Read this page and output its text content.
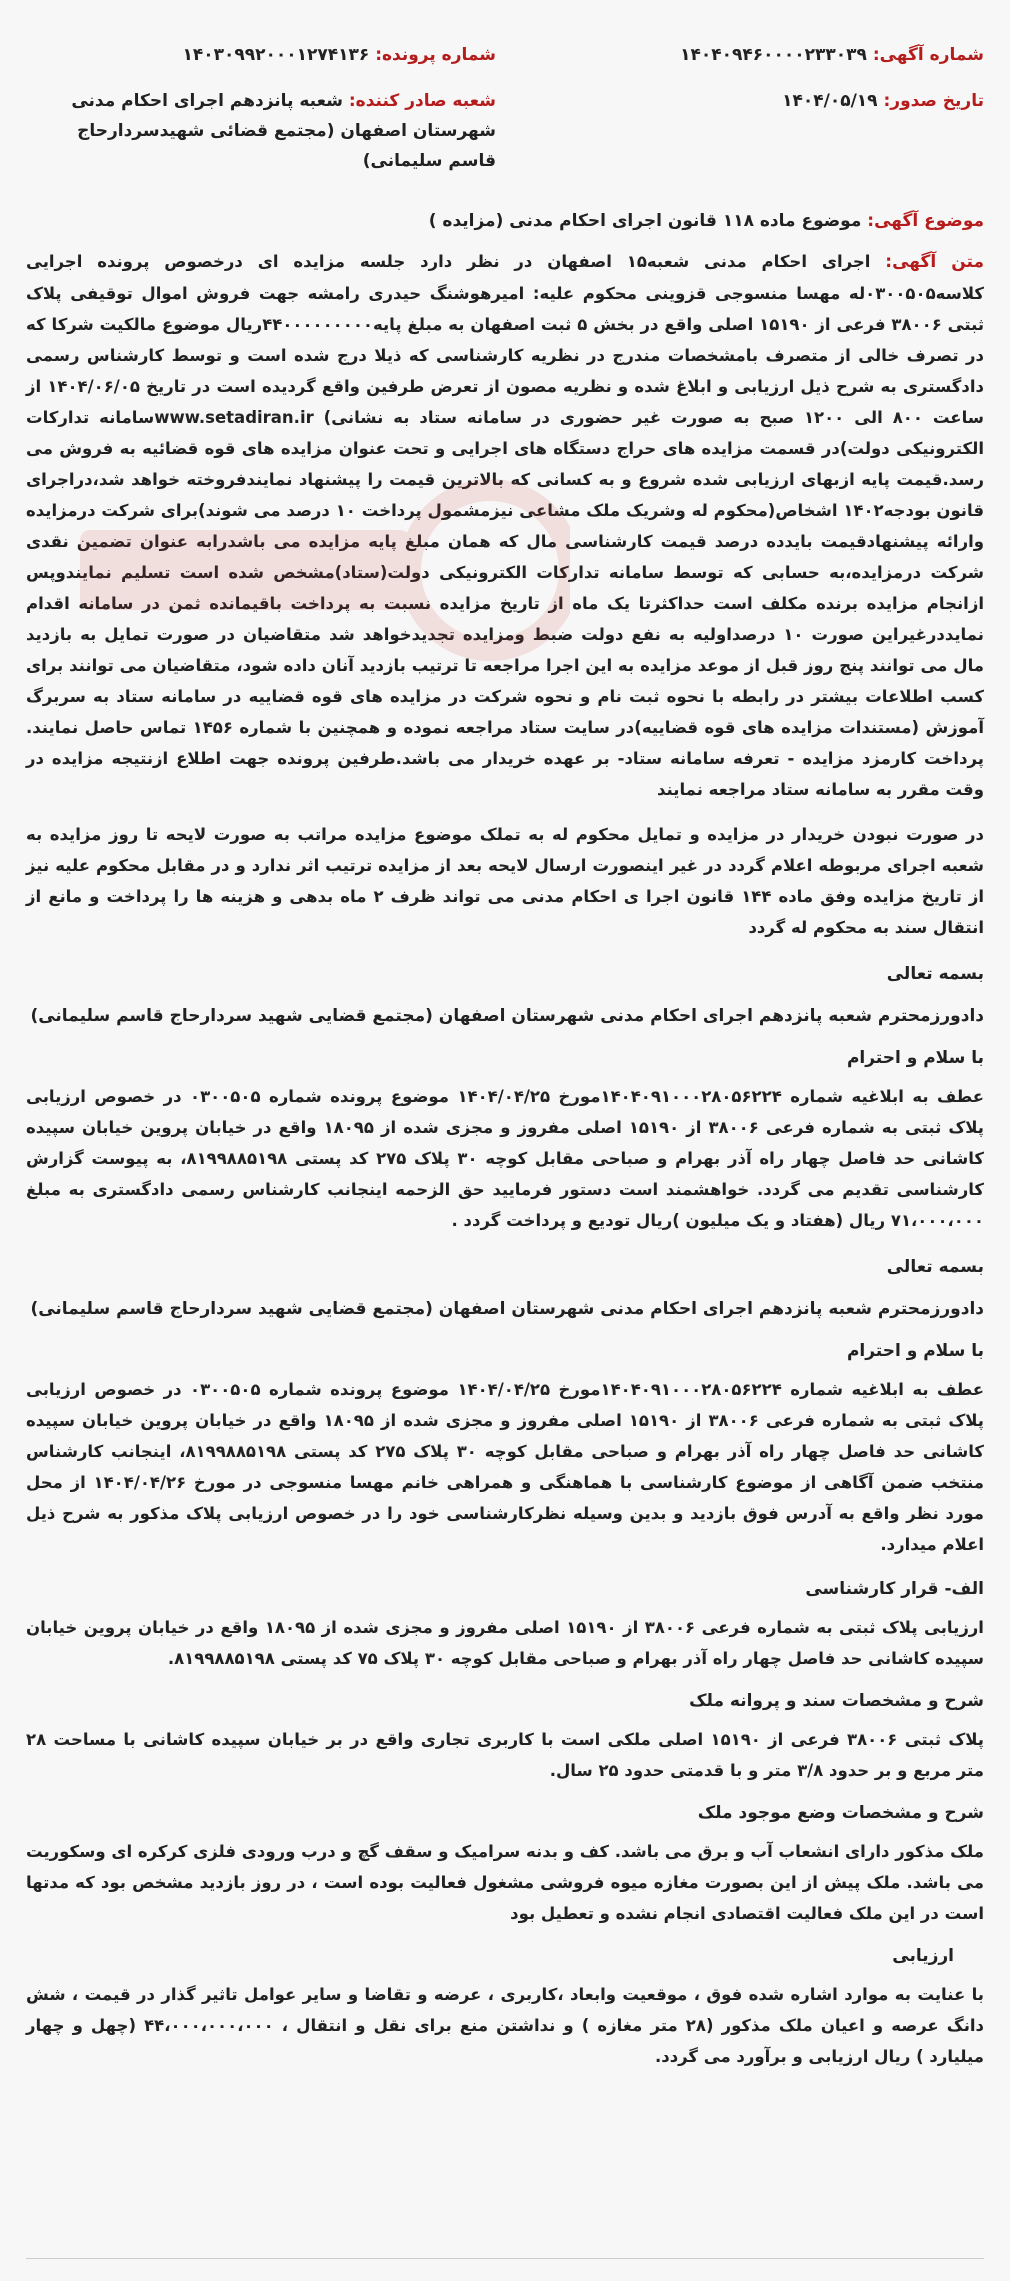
شماره آگهی: ۱۴۰۴۰۹۴۶۰۰۰۰۲۳۳۰۳۹
تاریخ صدور: ۱۴۰۴/۰۵/۱۹
شماره پرونده: ۱۴۰۳۰۹۹۲۰۰۰۱۲۷۴۱۳۶
شعبه صادر کننده: شعبه پانزدهم اجرای احکام مدنی شهرستان اصفهان (مجتمع قضائی شهیدسردارحاج قاسم سلیمانی)
موضوع آگهی: موضوع ماده ۱۱۸ قانون اجرای احکام مدنی (مزایده )

متن آگهی: اجرای احکام مدنی شعبه۱۵ اصفهان در نظر دارد جلسه مزایده ای درخصوص پرونده اجرایی کلاسه۰۳۰۰۵۰۵له مهسا منسوجی قزوینی محکوم علیه: امیرهوشنگ حیدری رامشه جهت فروش اموال توقیفی پلاک ثبتی ۳۸۰۰۶ فرعی از ۱۵۱۹۰ اصلی واقع در بخش ۵ ثبت اصفهان به مبلغ پایه۴۴۰۰۰۰۰۰۰۰۰ریال موضوع مالکیت شرکا که در تصرف خالی از متصرف بامشخصات مندرج در نظریه کارشناسی که ذیلا درج شده است و توسط کارشناس رسمی دادگستری به شرح ذیل ارزیابی و ابلاغ شده و نظریه مصون از تعرض طرفین واقع گردیده است در تاریخ ۱۴۰۴/۰۶/۰۵ از ساعت ۸۰۰ الی ۱۲۰۰ صبح به صورت غیر حضوری در سامانه ستاد به نشانی) www.setadiran.irسامانه تدارکات الکترونیکی دولت)در قسمت مزایده های حراج دستگاه های اجرایی و تحت عنوان مزایده های قوه قضائیه به فروش می رسد.قیمت پایه ازبهای ارزیابی شده شروع و به کسانی که بالاترین قیمت را پیشنهاد نمایندفروخته خواهد شد،دراجرای قانون بودجه۱۴۰۲ اشخاص(محکوم له وشریک ملک مشاعی نیزمشمول پرداخت ۱۰ درصد می شوند)برای شرکت درمزایده وارائه پیشنهادقیمت بایدده درصد قیمت کارشناسی مال که همان مبلغ پایه مزایده می باشدرابه عنوان تضمین نقدی شرکت درمزایده،به حسابی که توسط سامانه تدارکات الکترونیکی دولت(ستاد)مشخص شده است تسلیم نمایندوپس ازانجام مزایده برنده مکلف است حداکثرتا یک ماه از تاریخ مزایده نسبت به پرداخت باقیمانده ثمن در سامانه اقدام نمایددرغیراین صورت ۱۰ درصداولیه به نفع دولت ضبط ومزایده تجدیدخواهد شد متقاضیان در صورت تمایل به بازدید مال می توانند پنج روز قبل از موعد مزایده به این اجرا مراجعه تا ترتیب بازدید آنان داده شود، متقاضیان می توانند برای کسب اطلاعات بیشتر در رابطه با نحوه ثبت نام و نحوه شرکت در مزایده های قوه قضاییه در سامانه ستاد به سربرگ آموزش (مستندات مزایده های قوه قضاییه)در سایت ستاد مراجعه نموده و همچنین با شماره ۱۴۵۶ تماس حاصل نمایند. پرداخت کارمزد مزایده - تعرفه سامانه ستاد- بر عهده خریدار می باشد.طرفین پرونده جهت اطلاع ازنتیجه مزایده در وقت مقرر به سامانه ستاد مراجعه نمایند

در صورت نبودن خریدار در مزایده و تمایل محکوم له به تملک موضوع مزایده مراتب به صورت لایحه تا روز مزایده به شعبه اجرای مربوطه اعلام گردد در غیر اینصورت ارسال لایحه بعد از مزایده ترتیب اثر ندارد و در مقابل محکوم علیه نیز از تاریخ مزایده وفق ماده ۱۴۴ قانون اجرا ی احکام مدنی می تواند ظرف ۲ ماه بدهی و هزینه ها را پرداخت و مانع از انتقال سند به محکوم له گردد
بسمه تعالی
دادورزمحترم شعبه پانزدهم اجرای احکام مدنی شهرستان اصفهان (مجتمع قضایی شهید سردارحاج قاسم سلیمانی)
با سلام و احترام
عطف به ابلاغیه شماره ۱۴۰۴۰۹۱۰۰۰۲۸۰۵۶۲۲۴مورخ ۱۴۰۴/۰۴/۲۵ موضوع پرونده شماره ۰۳۰۰۵۰۵ در خصوص ارزیابی پلاک ثبتی به شماره فرعی ۳۸۰۰۶ از ۱۵۱۹۰ اصلی مفروز و مجزی شده از ۱۸۰۹۵ واقع در خیابان پروین خیابان سپیده کاشانی حد فاصل چهار راه آذر بهرام و صباحی مقابل کوچه ۳۰ پلاک ۲۷۵ کد پستی ۸۱۹۹۸۸۵۱۹۸، به پیوست گزارش کارشناسی تقدیم می گردد. خواهشمند است دستور فرمایید حق الزحمه اینجانب کارشناس رسمی دادگستری به مبلغ ۷۱،۰۰۰،۰۰۰ ریال (هفتاد و یک میلیون )ریال تودیع و پرداخت گردد .
بسمه تعالی
دادورزمحترم شعبه پانزدهم اجرای احکام مدنی شهرستان اصفهان (مجتمع قضایی شهید سردارحاج قاسم سلیمانی)
با سلام و احترام
عطف به ابلاغیه شماره ۱۴۰۴۰۹۱۰۰۰۲۸۰۵۶۲۲۴مورخ ۱۴۰۴/۰۴/۲۵ موضوع پرونده شماره ۰۳۰۰۵۰۵ در خصوص ارزیابی پلاک ثبتی به شماره فرعی ۳۸۰۰۶ از ۱۵۱۹۰ اصلی مفروز و مجزی شده از ۱۸۰۹۵ واقع در خیابان پروین خیابان سپیده کاشانی حد فاصل چهار راه آذر بهرام و صباحی مقابل کوچه ۳۰ پلاک ۲۷۵ کد پستی ۸۱۹۹۸۸۵۱۹۸، اینجانب کارشناس منتخب ضمن آگاهی از موضوع کارشناسی با هماهنگی و همراهی خانم مهسا منسوجی در مورخ ۱۴۰۴/۰۴/۲۶ از محل مورد نظر واقع به آدرس فوق بازدید و بدین وسیله نظرکارشناسی خود را در خصوص ارزیابی پلاک مذکور به شرح ذیل اعلام میدارد.
الف- قرار کارشناسی
ارزیابی پلاک ثبتی به شماره فرعی ۳۸۰۰۶ از ۱۵۱۹۰ اصلی مفروز و مجزی شده از ۱۸۰۹۵ واقع در خیابان پروین خیابان سپیده کاشانی حد فاصل چهار راه آذر بهرام و صباحی مقابل کوچه ۳۰ پلاک ۷۵ کد پستی ۸۱۹۹۸۸۵۱۹۸.
شرح و مشخصات سند و پروانه ملک
پلاک ثبتی ۳۸۰۰۶ فرعی از ۱۵۱۹۰ اصلی ملکی است با کاربری تجاری واقع در بر خیابان سپیده کاشانی با مساحت ۲۸ متر مربع و بر حدود ۳/۸ متر و با قدمتی حدود ۲۵ سال.
شرح و مشخصات وضع موجود ملک
ملک مذکور دارای انشعاب آب و برق می باشد. کف و بدنه سرامیک و سقف گچ و درب ورودی فلزی کرکره ای وسکوریت می باشد. ملک پیش از این بصورت مغازه میوه فروشی مشغول فعالیت بوده است ، در روز بازدید مشخص بود که مدتها است در این ملک فعالیت اقتصادی انجام نشده و تعطیل بود
ارزیابی
با عنایت به موارد اشاره شده فوق ، موقعیت وابعاد ،کاربری ، عرضه و تقاضا و سایر عوامل تاثیر گذار در قیمت ، شش دانگ عرصه و اعیان ملک مذکور (۲۸ متر مغازه ) و نداشتن منع برای نقل و انتقال ، ۴۴،۰۰۰،۰۰۰،۰۰۰ (چهل و چهار میلیارد ) ریال ارزیابی و برآورد می گردد.
